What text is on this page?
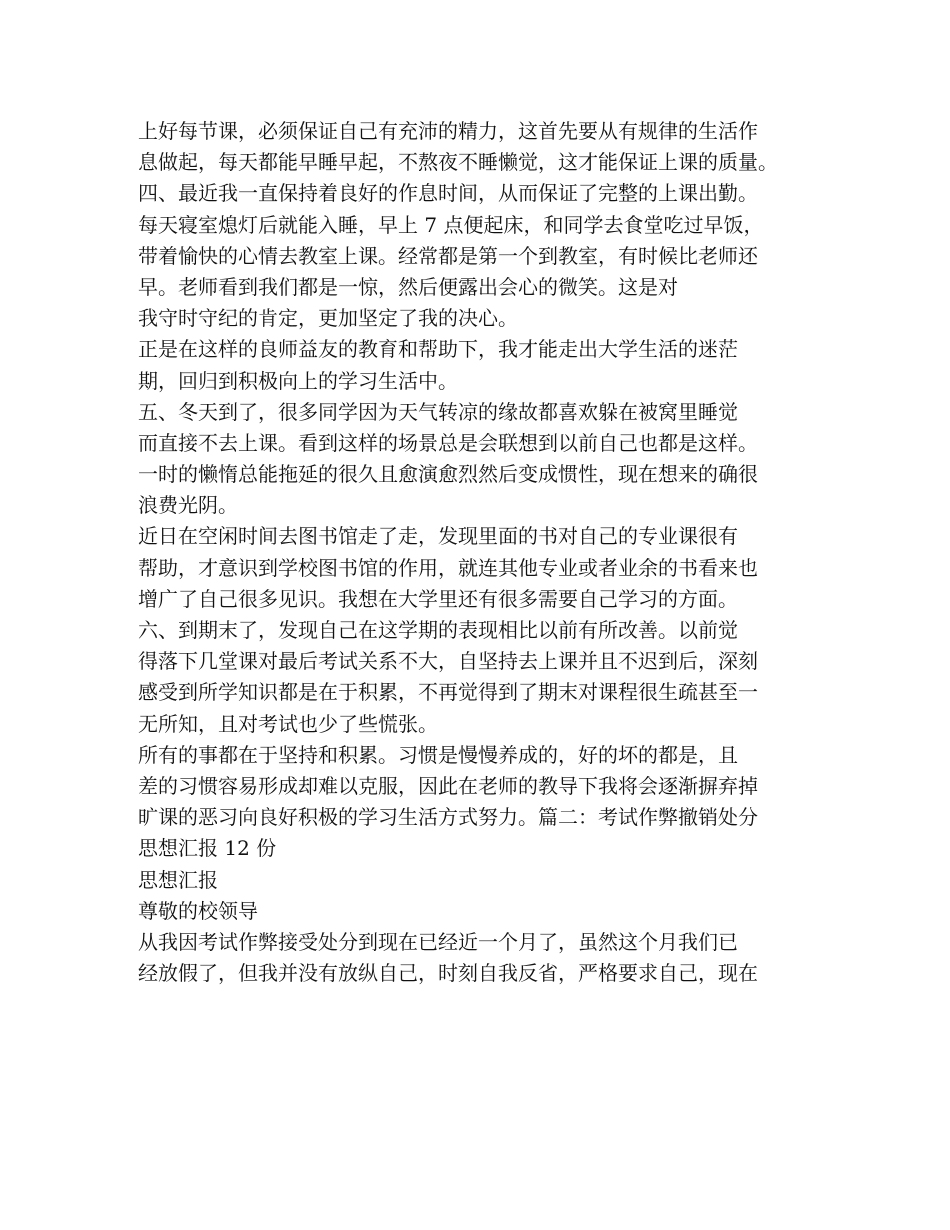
上好每节课，必须保证自己有充沛的精力，这首先要从有规律的生活作
息做起，每天都能早睡早起，不熬夜不睡懒觉，这才能保证上课的质量。
四、最近我一直保持着良好的作息时间，从而保证了完整的上课出勤。
每天寝室熄灯后就能入睡，早上 7 点便起床，和同学去食堂吃过早饭，
带着愉快的心情去教室上课。经常都是第一个到教室，有时候比老师还
早。老师看到我们都是一惊，然后便露出会心的微笑。这是对
我守时守纪的肯定，更加坚定了我的决心。
正是在这样的良师益友的教育和帮助下，我才能走出大学生活的迷茫
期，回归到积极向上的学习生活中。
五、冬天到了，很多同学因为天气转凉的缘故都喜欢躲在被窝里睡觉
而直接不去上课。看到这样的场景总是会联想到以前自己也都是这样。
一时的懒惰总能拖延的很久且愈演愈烈然后变成惯性，现在想来的确很
浪费光阴。
近日在空闲时间去图书馆走了走，发现里面的书对自己的专业课很有
帮助，才意识到学校图书馆的作用，就连其他专业或者业余的书看来也
增广了自己很多见识。我想在大学里还有很多需要自己学习的方面。
六、到期末了，发现自己在这学期的表现相比以前有所改善。以前觉
得落下几堂课对最后考试关系不大，自坚持去上课并且不迟到后，深刻
感受到所学知识都是在于积累，不再觉得到了期末对课程很生疏甚至一
无所知，且对考试也少了些慌张。
所有的事都在于坚持和积累。习惯是慢慢养成的，好的坏的都是，且
差的习惯容易形成却难以克服，因此在老师的教导下我将会逐渐摒弃掉
旷课的恶习向良好积极的学习生活方式努力。篇二：考试作弊撤销处分
思想汇报 12 份
思想汇报
尊敬的校领导
从我因考试作弊接受处分到现在已经近一个月了，虽然这个月我们已
经放假了，但我并没有放纵自己，时刻自我反省，严格要求自己，现在
